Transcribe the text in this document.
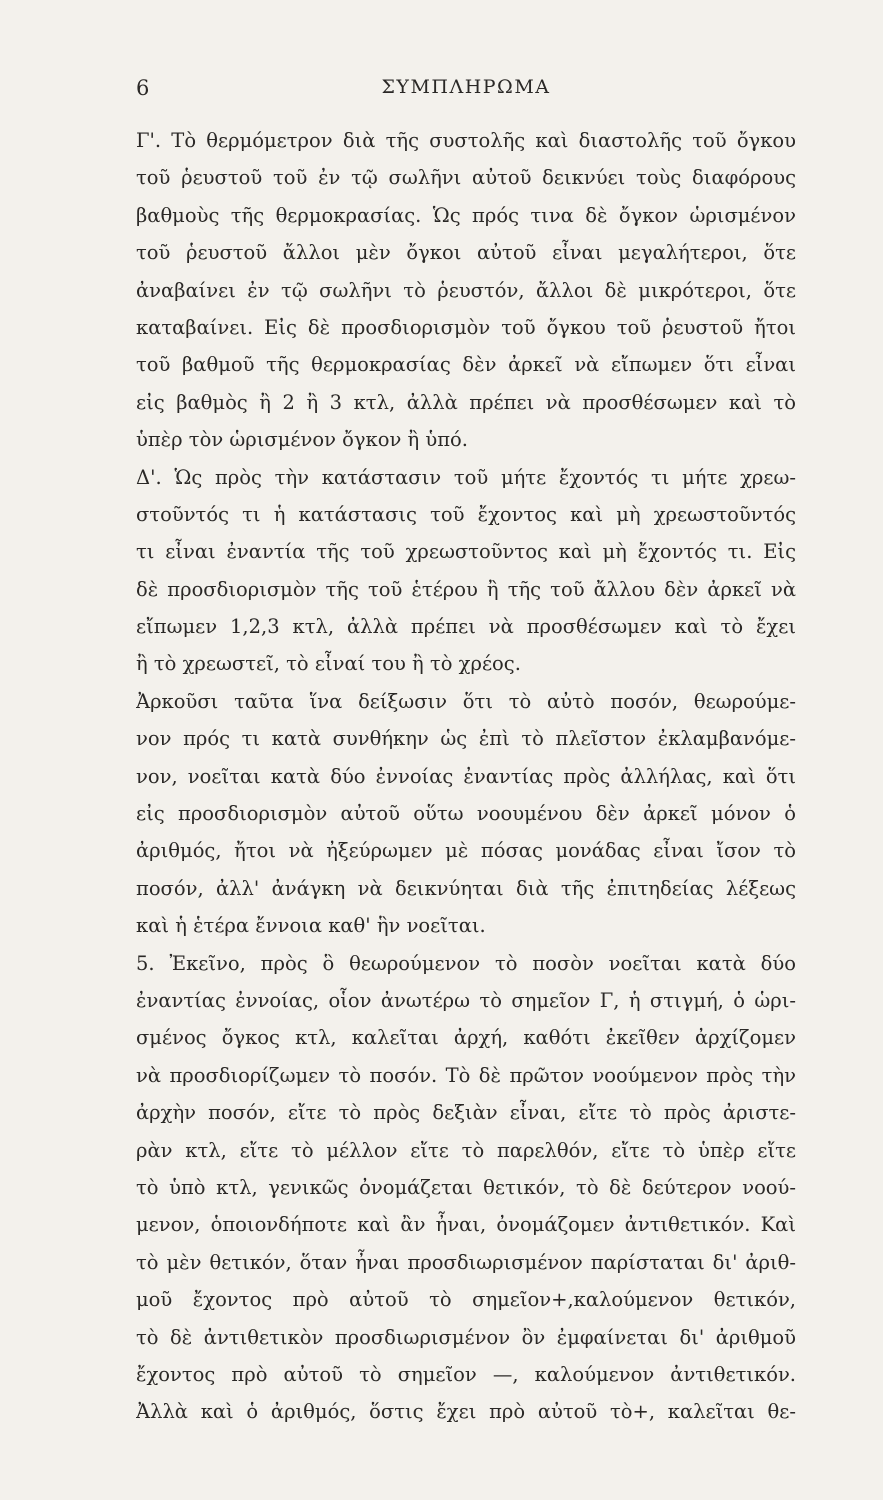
6	ΣΥΜΠΛΗΡΩΜΑ
Γ'. Τὸ θερμόμετρον διὰ τῆς συστολῆς καὶ διαστολῆς τοῦ ὄγκου
τοῦ ῥευστοῦ τοῦ ἐν τῷ σωλῆνι αὐτοῦ δεικνύει τοὺς διαφόρους
βαθμοὺς τῆς θερμοκρασίας. Ὡς πρός τινα δὲ ὄγκον ὡρισμένον
τοῦ ῥευστοῦ ἄλλοι μὲν ὄγκοι αὐτοῦ εἶναι μεγαλήτεροι, ὅτε
ἀναβαίνει ἐν τῷ σωλῆνι τὸ ῥευστόν, ἄλλοι δὲ μικρότεροι, ὅτε
καταβαίνει. Εἰς δὲ προσδιορισμὸν τοῦ ὄγκου τοῦ ῥευστοῦ ἤτοι
τοῦ βαθμοῦ τῆς θερμοκρασίας δὲν ἀρκεῖ νὰ εἴπωμεν ὅτι εἶναι
εἰς βαθμὸς ἢ 2 ἢ 3 κτλ, ἀλλὰ πρέπει νὰ προσθέσωμεν καὶ τὸ
ὑπὲρ τὸν ὡρισμένον ὄγκον ἢ ὑπό.
Δ'. Ὡς πρὸς τὴν κατάστασιν τοῦ μήτε ἔχοντός τι μήτε χρεω-
στοῦντός τι ἡ κατάστασις τοῦ ἔχοντος καὶ μὴ χρεωστοῦντός
τι εἶναι ἐναντία τῆς τοῦ χρεωστοῦντος καὶ μὴ ἔχοντός τι. Εἰς
δὲ προσδιορισμὸν τῆς τοῦ ἑτέρου ἢ τῆς τοῦ ἄλλου δὲν ἀρκεῖ νὰ
εἴπωμεν 1,2,3 κτλ, ἀλλὰ πρέπει νὰ προσθέσωμεν καὶ τὸ ἔχει
ἢ τὸ χρεωστεῖ, τὸ εἶναί του ἢ τὸ χρέος.
Ἀρκοῦσι ταῦτα ἵνα δείξωσιν ὅτι τὸ αὐτὸ ποσόν, θεωρούμε-
νον πρός τι κατὰ συνθήκην ὡς ἐπὶ τὸ πλεῖστον ἐκλαμβανόμε-
νον, νοεῖται κατὰ δύο ἐννοίας ἐναντίας πρὸς ἀλλήλας, καὶ ὅτι
εἰς προσδιορισμὸν αὐτοῦ οὕτω νοουμένου δὲν ἀρκεῖ μόνον ὁ
ἀριθμός, ἤτοι νὰ ἠξεύρωμεν μὲ πόσας μονάδας εἶναι ἴσον τὸ
ποσόν, ἀλλ' ἀνάγκη νὰ δεικνύηται διὰ τῆς ἐπιτηδείας λέξεως
καὶ ἡ ἑτέρα ἔννοια καθ' ἣν νοεῖται.
5. Ἐκεῖνο, πρὸς ὃ θεωρούμενον τὸ ποσὸν νοεῖται κατὰ δύο
ἐναντίας ἐννοίας, οἷον ἀνωτέρω τὸ σημεῖον Γ, ἡ στιγμή, ὁ ὡρι-
σμένος ὄγκος κτλ, καλεῖται ἀρχή, καθότι ἐκεῖθεν ἀρχίζομεν
νὰ προσδιορίζωμεν τὸ ποσόν. Τὸ δὲ πρῶτον νοούμενον πρὸς τὴν
ἀρχὴν ποσόν, εἴτε τὸ πρὸς δεξιὰν εἶναι, εἴτε τὸ πρὸς ἀριστε-
ρὰν κτλ, εἴτε τὸ μέλλον εἴτε τὸ παρελθόν, εἴτε τὸ ὑπὲρ εἴτε
τὸ ὑπὸ κτλ, γενικῶς ὀνομάζεται θετικόν, τὸ δὲ δεύτερον νοού-
μενον, ὁποιονδήποτε καὶ ἂν ἦναι, ὀνομάζομεν ἀντιθετικόν. Καὶ
τὸ μὲν θετικόν, ὅταν ἦναι προσδιωρισμένον παρίσταται δι' ἀριθ-
μοῦ ἔχοντος πρὸ αὐτοῦ τὸ σημεῖον+,καλούμενον θετικόν,
τὸ δὲ ἀντιθετικὸν προσδιωρισμένον ὂν ἐμφαίνεται δι' ἀριθμοῦ
ἔχοντος πρὸ αὐτοῦ τὸ σημεῖον —, καλούμενον ἀντιθετικόν.
Ἀλλὰ καὶ ὁ ἀριθμός, ὅστις ἔχει πρὸ αὐτοῦ τὸ+, καλεῖται θε-
